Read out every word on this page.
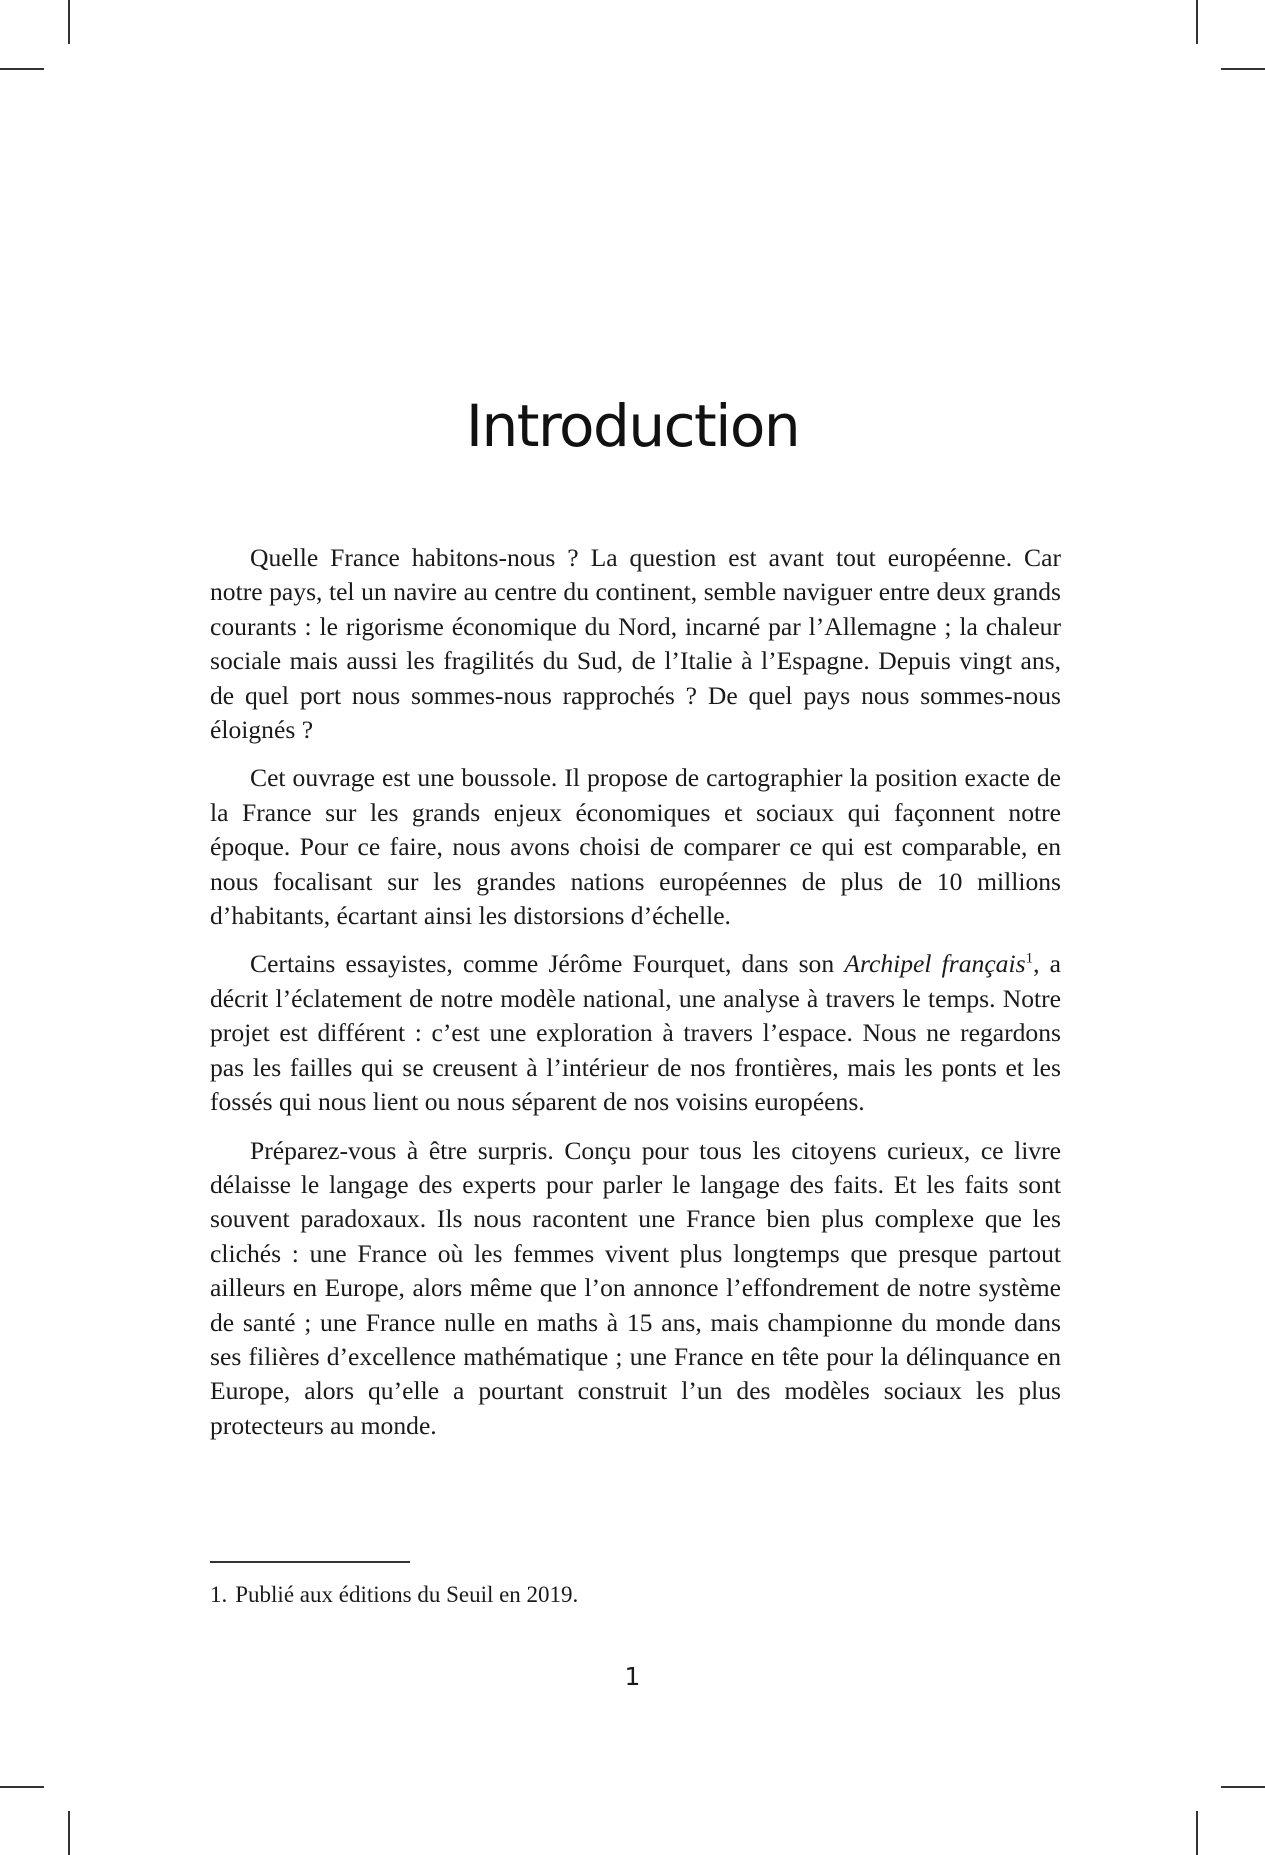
Introduction

Quelle France habitons-nous ? La question est avant tout européenne. Car notre pays, tel un navire au centre du continent, semble naviguer entre deux grands courants : le rigorisme économique du Nord, incarné par l’Allemagne ; la chaleur sociale mais aussi les fragilités du Sud, de l’Italie à l’Espagne. Depuis vingt ans, de quel port nous sommes-nous rapprochés ? De quel pays nous sommes-nous éloignés ?

Cet ouvrage est une boussole. Il propose de cartographier la position exacte de la France sur les grands enjeux économiques et sociaux qui façonnent notre époque. Pour ce faire, nous avons choisi de comparer ce qui est comparable, en nous focalisant sur les grandes nations européennes de plus de 10 millions d’habitants, écartant ainsi les distorsions d’échelle.

Certains essayistes, comme Jérôme Fourquet, dans son Archipel français$^1$, a décrit l’éclatement de notre modèle national, une analyse à travers le temps. Notre projet est différent : c’est une exploration à travers l’espace. Nous ne regardons pas les failles qui se creusent à l’intérieur de nos frontières, mais les ponts et les fossés qui nous lient ou nous séparent de nos voisins européens.

Préparez-vous à être surpris. Conçu pour tous les citoyens curieux, ce livre délaisse le langage des experts pour parler le langage des faits. Et les faits sont souvent paradoxaux. Ils nous racontent une France bien plus complexe que les clichés : une France où les femmes vivent plus longtemps que presque partout ailleurs en Europe, alors même que l’on annonce l’effondrement de notre système de santé ; une France nulle en maths à 15 ans, mais championne du monde dans ses filières d’excellence mathématique ; une France en tête pour la délinquance en Europe, alors qu’elle a pourtant construit l’un des modèles sociaux les plus protecteurs au monde.

1. Publié aux éditions du Seuil en 2019.
1
